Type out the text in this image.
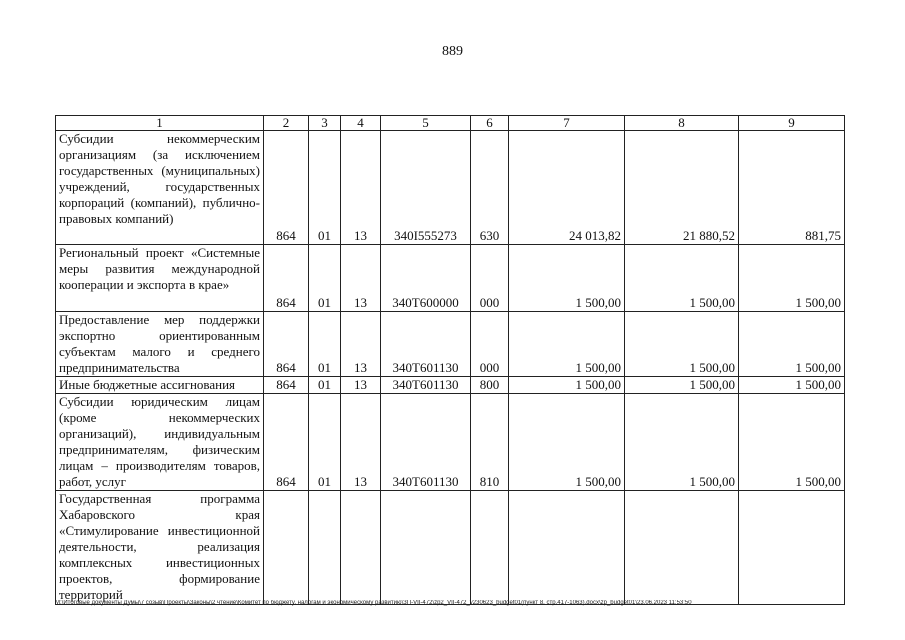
889
1	2	3	4	5	6	7	8	9
Субсидии некоммерческим организациям (за исключением государственных (муниципальных) учреждений, государственных корпораций (компаний), публично-правовых компаний)	864	01	13	340I555273	630	24 013,82	21 880,52	881,75
Региональный проект «Системные меры развития международной кооперации и экспорта в крае»	864	01	13	340T600000	000	1 500,00	1 500,00	1 500,00
Предоставление мер поддержки экспортно ориентированным субъектам малого и среднего предпринимательства	864	01	13	340T601130	000	1 500,00	1 500,00	1 500,00
Иные бюджетные ассигнования	864	01	13	340T601130	800	1 500,00	1 500,00	1 500,00
Субсидии юридическим лицам (кроме некоммерческих организаций), индивидуальным предпринимателям, физическим лицам – производителям товаров, работ, услуг	864	01	13	340T601130	810	1 500,00	1 500,00	1 500,00
Государственная программа Хабаровского края «Стимулирование инвестиционной деятельности, реализация комплексных инвестиционных проектов, формирование территорий								
M:\Итоговые документы Думы\7 созыв\Проекты\Законы\2 чтение\Комитет по бюджету, налогам и экономическому развитию\ЗП-VII-472\zp2_VII-472_v230623_budget01(пункт 8, стр.417-1063).docx\zp_budget01\23.06.2023 11:53:50
